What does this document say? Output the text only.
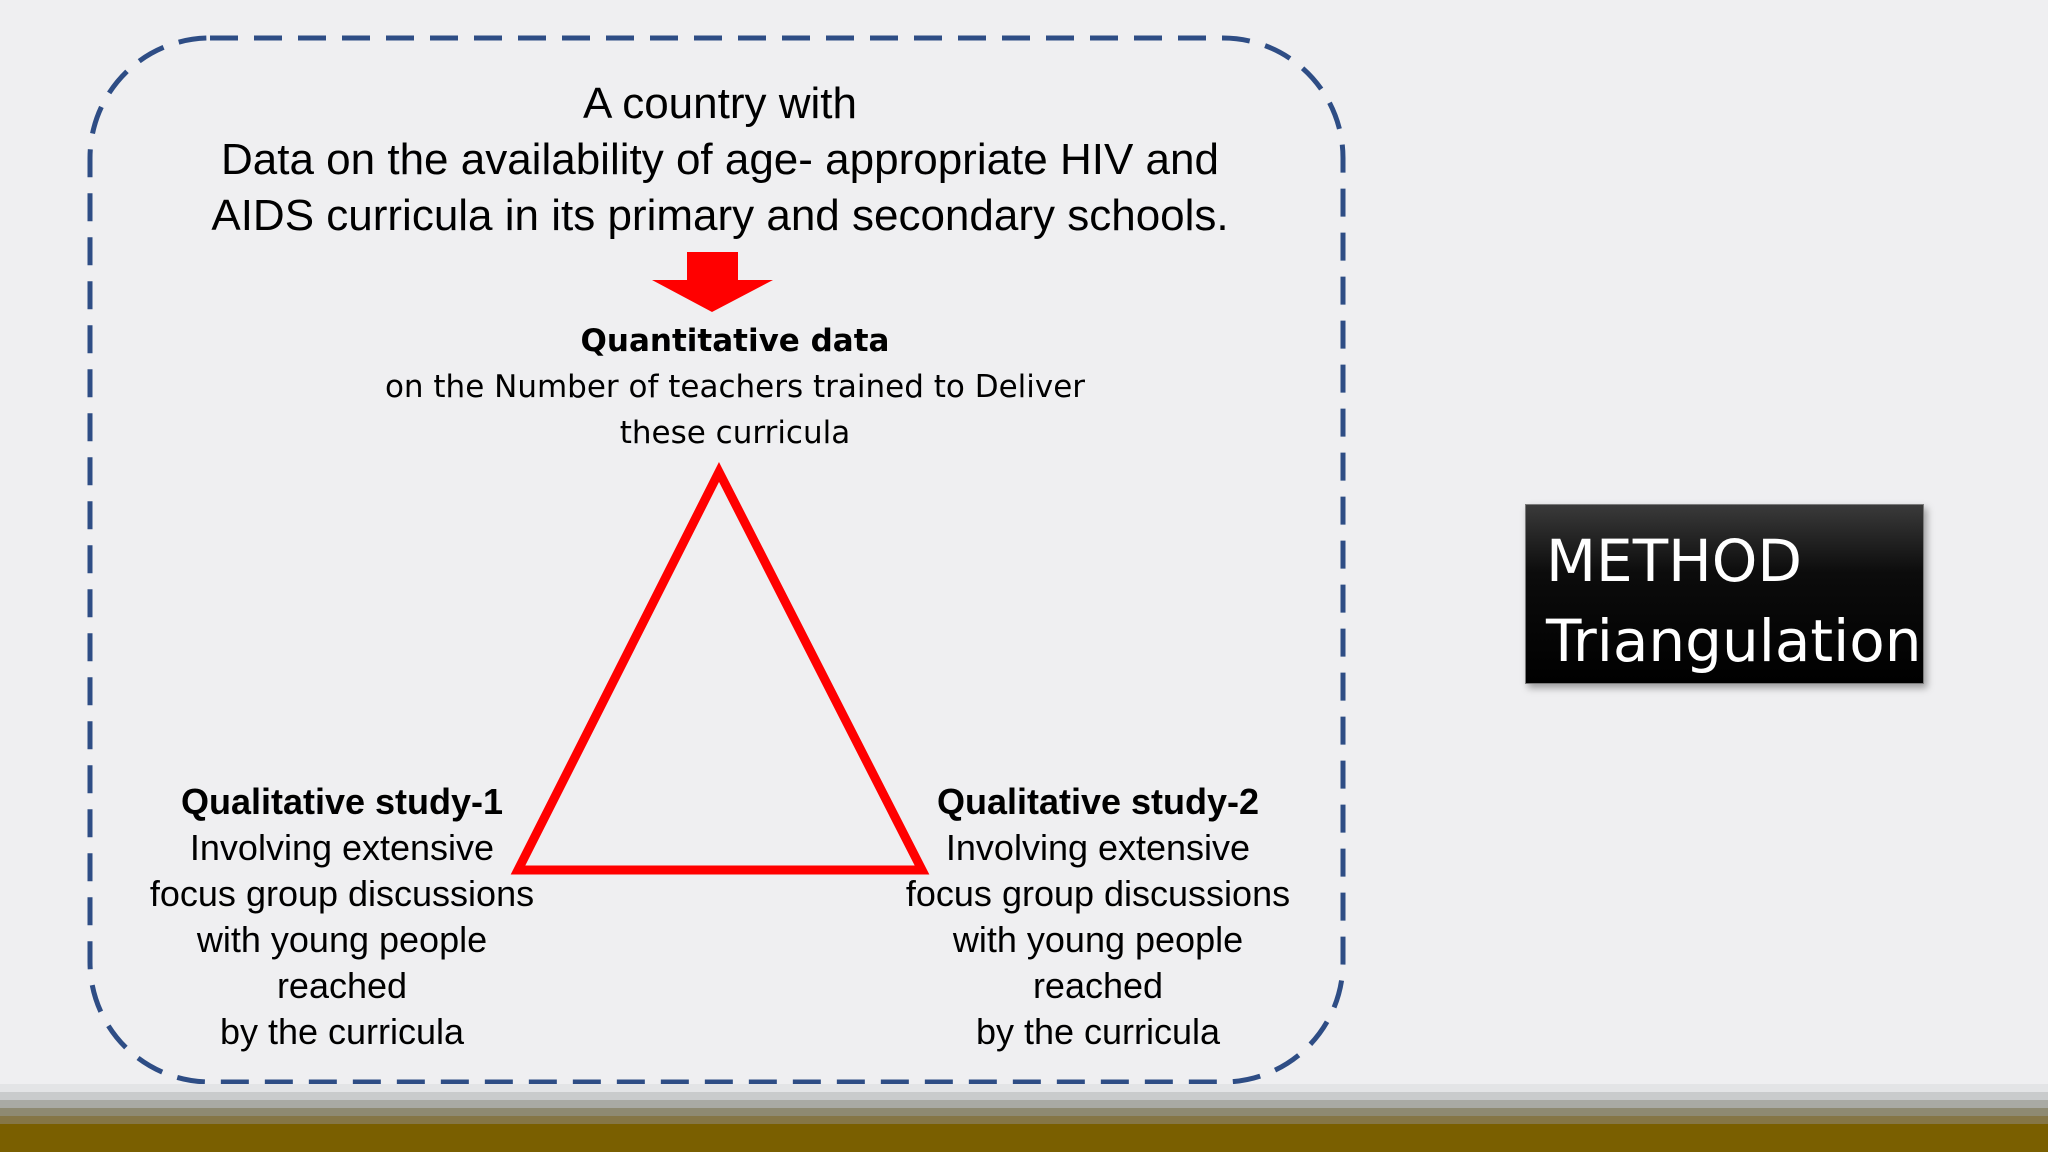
A country with
Data on the availability of age- appropriate HIV and
AIDS curricula in its primary and secondary schools.
Quantitative data
on the Number of teachers trained to Deliver
these curricula
Qualitative study-1
Involving extensive
focus group discussions
with young people
reached
by the curricula
Qualitative study-2
Involving extensive
focus group discussions
with young people
reached
by the curricula
METHOD
Triangulation
